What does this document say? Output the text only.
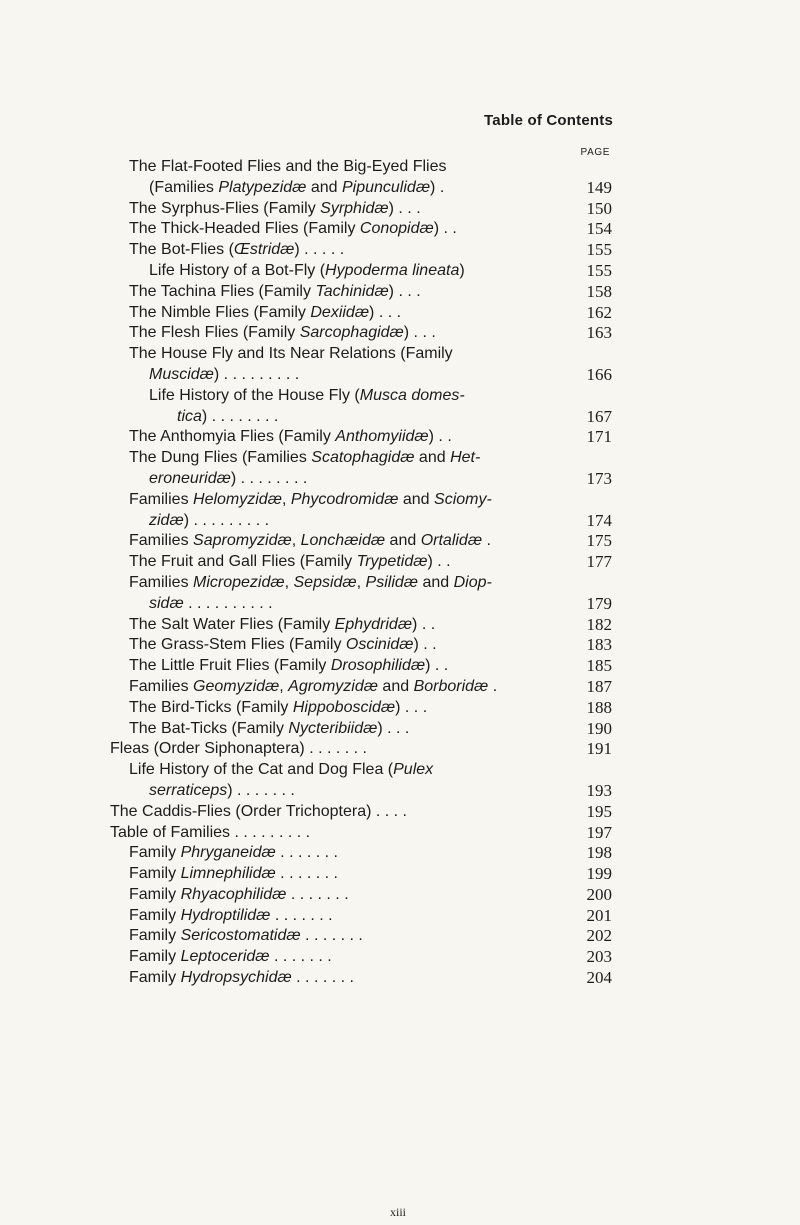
Table of Contents
PAGE
The Flat-Footed Flies and the Big-Eyed Flies
(Families Platypezidæ and Pipunculidæ) .	149
The Syrphus-Flies (Family Syrphidæ) . . .	150
The Thick-Headed Flies (Family Conopidæ) . .	154
The Bot-Flies (Œstridæ) . . . . .	155
Life History of a Bot-Fly (Hypoderma lineata)	155
The Tachina Flies (Family Tachinidæ) . . .	158
The Nimble Flies (Family Dexiidæ) . . .	162
The Flesh Flies (Family Sarcophagidæ) . . .	163
The House Fly and Its Near Relations (Family
Muscidæ) . . . . . . . . .	166
Life History of the House Fly (Musca domes-
tica) . . . . . . . .	167
The Anthomyia Flies (Family Anthomyiidæ) . .	171
The Dung Flies (Families Scatophagidæ and Het-
eroneuridæ) . . . . . . . .	173
Families Helomyzidæ, Phycodromidæ and Sciomy-
zidæ) . . . . . . . . .	174
Families Sapromyzidæ, Lonchæidæ and Ortalidæ .	175
The Fruit and Gall Flies (Family Trypetidæ) . .	177
Families Micropezidæ, Sepsidæ, Psilidæ and Diop-
sidæ . . . . . . . . . .	179
The Salt Water Flies (Family Ephydridæ) . .	182
The Grass-Stem Flies (Family Oscinidæ) . .	183
The Little Fruit Flies (Family Drosophilidæ) . .	185
Families Geomyzidæ, Agromyzidæ and Borboridæ .	187
The Bird-Ticks (Family Hippoboscidæ) . . .	188
The Bat-Ticks (Family Nycteribiidæ) . . .	190
Fleas (Order Siphonaptera) . . . . . . .	191
Life History of the Cat and Dog Flea (Pulex
serraticeps) . . . . . . .	193
The Caddis-Flies (Order Trichoptera) . . . .	195
Table of Families . . . . . . . . .	197
Family Phryganeidæ . . . . . . .	198
Family Limnephilidæ . . . . . . .	199
Family Rhyacophilidæ . . . . . . .	200
Family Hydroptilidæ . . . . . . .	201
Family Sericostomatidæ . . . . . . .	202
Family Leptoceridæ . . . . . . .	203
Family Hydropsychidæ . . . . . . .	204
xiii
